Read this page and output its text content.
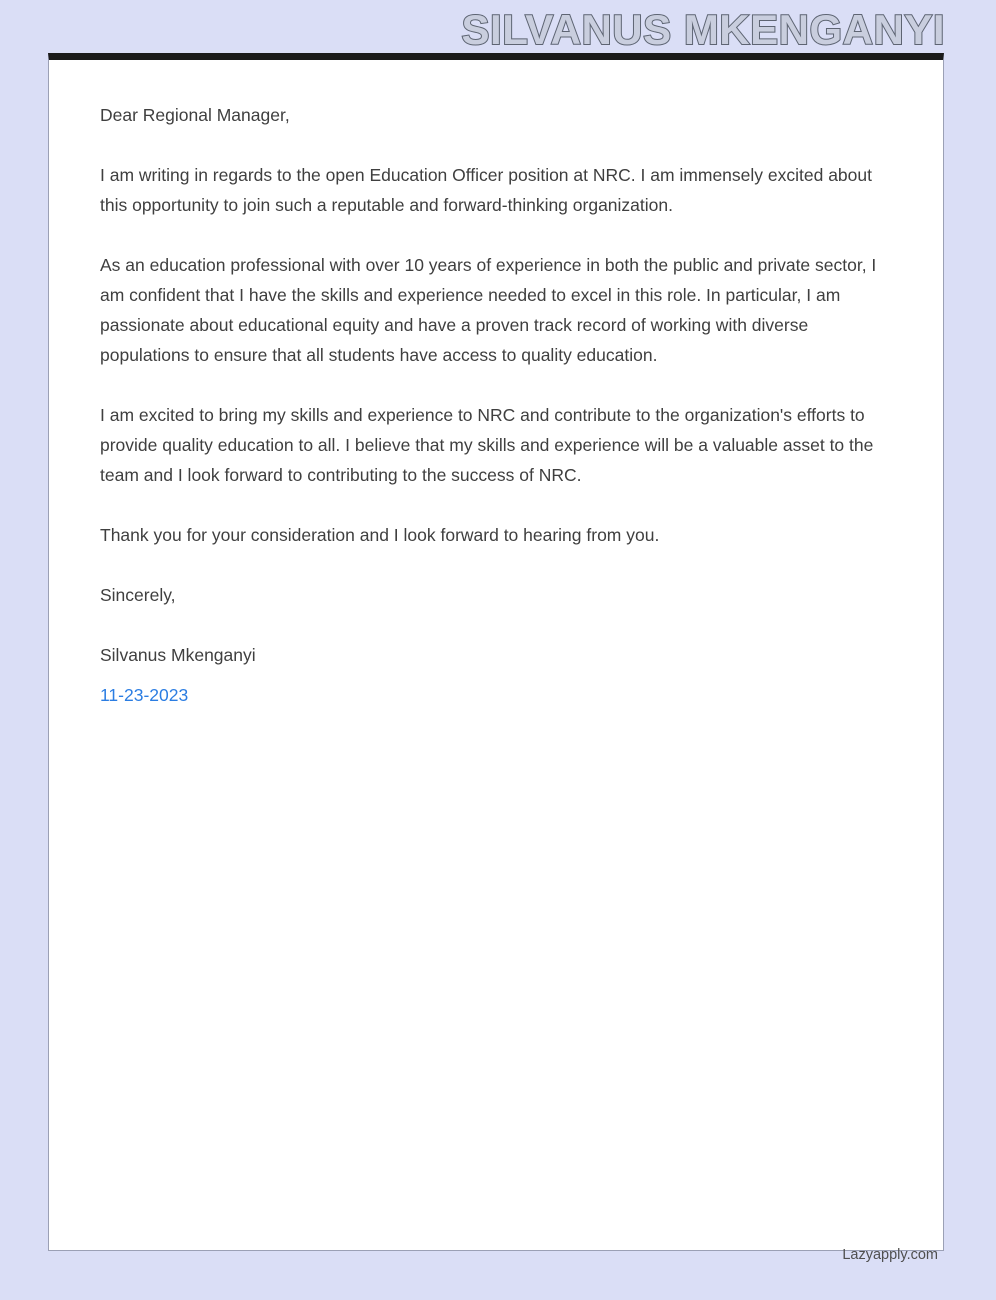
SILVANUS MKENGANYI

Dear Regional Manager,

I am writing in regards to the open Education Officer position at NRC. I am immensely excited about this opportunity to join such a reputable and forward-thinking organization.

As an education professional with over 10 years of experience in both the public and private sector, I am confident that I have the skills and experience needed to excel in this role. In particular, I am passionate about educational equity and have a proven track record of working with diverse populations to ensure that all students have access to quality education.

I am excited to bring my skills and experience to NRC and contribute to the organization's efforts to provide quality education to all. I believe that my skills and experience will be a valuable asset to the team and I look forward to contributing to the success of NRC.

Thank you for your consideration and I look forward to hearing from you.

Sincerely,

Silvanus Mkenganyi

11-23-2023

Lazyapply.com
